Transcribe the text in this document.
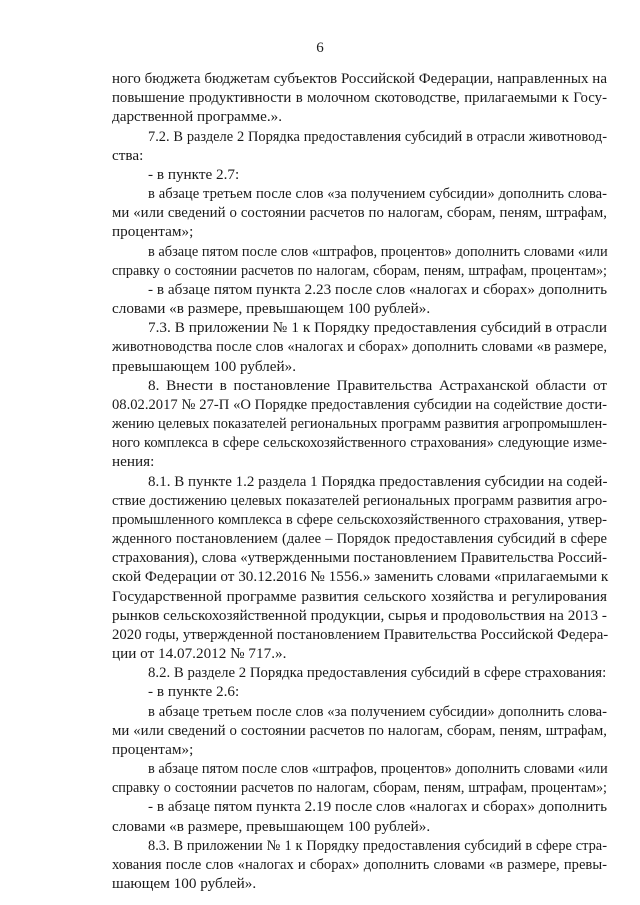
6
ного бюджета бюджетам субъектов Российской Федерации, направленных на
повышение продуктивности в молочном скотоводстве, прилагаемыми к Госу-
дарственной программе.».
7.2. В разделе 2 Порядка предоставления субсидий в отрасли животновод-
ства:
- в пункте 2.7:
в абзаце третьем после слов «за получением субсидии» дополнить слова-
ми «или сведений о состоянии расчетов по налогам, сборам, пеням, штрафам,
процентам»;
в абзаце пятом после слов «штрафов, процентов» дополнить словами «или
справку о состоянии расчетов по налогам, сборам, пеням, штрафам, процентам»;
- в абзаце пятом пункта 2.23 после слов «налогах и сборах» дополнить
словами «в размере, превышающем 100 рублей».
7.3. В приложении № 1 к Порядку предоставления субсидий в отрасли
животноводства после слов «налогах и сборах» дополнить словами «в размере,
превышающем 100 рублей».
8. Внести в постановление Правительства Астраханской области от
08.02.2017 № 27-П «О Порядке предоставления субсидии на содействие дости-
жению целевых показателей региональных программ развития агропромышлен-
ного комплекса в сфере сельскохозяйственного страхования» следующие изме-
нения:
8.1. В пункте 1.2 раздела 1 Порядка предоставления субсидии на содей-
ствие достижению целевых показателей региональных программ развития агро-
промышленного комплекса в сфере сельскохозяйственного страхования, утвер-
жденного постановлением (далее – Порядок предоставления субсидий в сфере
страхования), слова «утвержденными постановлением Правительства Россий-
ской Федерации от 30.12.2016 № 1556.» заменить словами «прилагаемыми к
Государственной программе развития сельского хозяйства и регулирования
рынков сельскохозяйственной продукции, сырья и продовольствия на 2013 -
2020 годы, утвержденной постановлением Правительства Российской Федера-
ции от 14.07.2012 № 717.».
8.2. В разделе 2 Порядка предоставления субсидий в сфере страхования:
- в пункте 2.6:
в абзаце третьем после слов «за получением субсидии» дополнить слова-
ми «или сведений о состоянии расчетов по налогам, сборам, пеням, штрафам,
процентам»;
в абзаце пятом после слов «штрафов, процентов» дополнить словами «или
справку о состоянии расчетов по налогам, сборам, пеням, штрафам, процентам»;
- в абзаце пятом пункта 2.19 после слов «налогах и сборах» дополнить
словами «в размере, превышающем 100 рублей».
8.3. В приложении № 1 к Порядку предоставления субсидий в сфере стра-
хования после слов «налогах и сборах» дополнить словами «в размере, превы-
шающем 100 рублей».
